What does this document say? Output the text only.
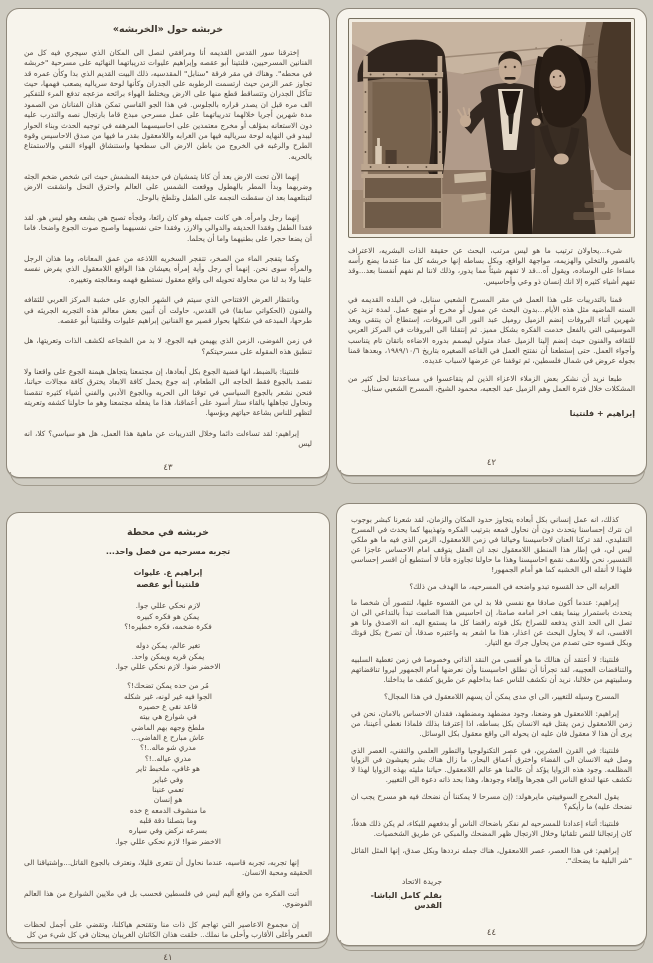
خربشه حول «الخربشه»

إخترقنا سور القدس القديمه أنا ومرافقي لنصل الى المكان الذي سيجري فيه كل من الفنانين المسرحيين، فلنتينا أبو عقصه وإبراهيم عليوات تدريباتهما النهائيه على مسرحية "خربشه في محطه". وهناك في مقر فرقة "سنابل" المقدسيه، ذلك البيت القديم الذي بدا وكأن عمره قد تجاوز عمر الزمن حيث ارتسمت الرطوبه على الجدران وكأنها لوحة سرياليه يصعب فهمها، حيث تتآكل الجدران وتتساقط قطع منها على الارض ويختلط الهواء برائحه مزعجه تدفع المرء للتفكير الف مره قبل ان يصدر قراره بالجلوس. في هذا الجو القاسي تمكن هذان الفنانان من الصمود مدة شهرين أجريا خلالهما تدريباتهما على عمل مسرحي مبدع قاما بارتجال نصه والتدرب عليه دون الاستعانه بمؤلف أو مخرج معتمدين على احاسيسهما المرهفه في توجيه الحدث وبناء الحوار ليبدو في النهايه لوحة سرياليه فيها من الغرابه واللامعقول بقدر ما فيها من صدق الاحاسيس وقوة الطرح والرغبه في الخروج من باطن الارض الى سطحها واستنشاق الهواء النقي والاستمتاع بالحريه.

إنهما الآن تحت الارض بعد أن كانا يتمشيان في حديقة المشمش حيث اتى شخص ضخم الجثه وضربهما وبدأ المطر بالهطول ووقعت الشمس على العالم واحترق النحل وانشقت الارض لتبتلعهما بعد ان سقطت النجمه على الطفل وتلطخ بالوحل.

إنهما رجل وامرأه. هي كانت جميله وهو كان رائعا، وفجأه تصبح هي بشعه وهو ليس هو. لقد فقدا الطفل وفقدا الحديقه والدوالي والارز، وفقدا حتى نفسيهما واصبح صوت الجوع واضحا. فاما أن يضعا حجرا على بطنيهما واما أن يحلما.

وكما يتفجر الماء من الصخر، تتفجر السخريه اللاذعه من عمق المعاناه، وما هذان الرجل والمرأه سوى نحن. إنهما أي رجل وأية إمرأه يعيشان هذا الواقع اللامعقول الذي يفرض نفسه علينا ولا بد لنا من محاولة تحويله الى واقع معقول نستطيع فهمه ومعالجته وتغييره.

وبانتظار العرض الافتتاحي الذي سيتم في الشهر الجاري على خشبة المركز العربي للثقافه والفنون (الحكواتي سابقا) في القدس، حاولت أن أتبين بعض معالم هذه التجربه الجريئه في طرحها، المبدعه في شكلها بحوار قصير مع الفنانين إبراهيم عليوات وفلنتينا أبو عقصه.

في زمن الفوضى، الزمن الذي يهيمن فيه الجوع، لا بد من الشجاعه لكشف الذات وتعريتها، هل تنطبق هذه المقوله على مسرحيتكم؟

فلنتينا: بالضبط، انها قضية الجوع بكل أبعادها، إن مجتمعنا يتجاهل هيمنة الجوع على واقعنا ولا نقصد بالجوع فقط الحاجه الى الطعام، إنه جوع يحمل كافة الابعاد يخترق كافة مجالات حياتنا، فنحن نشعر بالجوع السياسي في توقنا الى الحريه وبالجوع الأدبي والفني أشياء كثيره تنقصنا ونحاول تجاهلها بالقاء ستار أسود على أعماقنا، هذا ما يفعله مجتمعنا وهو ما حاولنا كشفه وتعريته لتظهر للناس بشاعة حياتهم وبؤسها.

إبراهيم: لقد تساءلت دائما وخلال التدريبات عن ماهية هذا العمل، هل هو سياسي؟ كلا، انه ليس

٤٣

شيء...يحاولان ترتيب ما هو ليس مرتب، البحث عن حقيقة الذات البشريه، الاعتراف بالقصور والتخلي والهزيمه، مواجهة الواقع، وبكل بساطه إنها خربشه كل منا عندما يضع رأسه مساءا على الوساده، ويقول آه...قد لا تفهم شيئاً مما يدور، وذلك لاننا لم نفهم أنفسنا بعد...وقد تفهم أشياء كثيره إلا انك إنسان ذو وعي وأحاسيس.

قمنا بالتدريبات على هذا العمل في مقر المسرح الشعبي سنابل، في البلده القديمه في السنه الماضيه مثل هذه الأيام...بدون البحث عن ممول أو مخرج أو منهج عمل. لمدة تزيد عن شهرين أثناء البروفات إنضم الزميل روميل عبد النور الى البروفات، إستطاع أن ينتقي ويعد الموسيقى التي بالفعل خدمت الفكره بشكل مميز. ثم إنتقلنا الى البروفات في المركز العربي للثقافه والفنون حيث إنضم إلينا الزميل عماد متولي ليصمم بدوره الاضاءه باتقان تام يتناسب وأجواء العمل. حتى إستطعنا أن نفتتح العمل في القاعه الصغيره بتاريخ ١٩٨٩/١٠/٦، وبعدها قمنا بجوله عروض في شمال فلسطين، ثم توقفنا عن عرضها لاسباب عديده.

طبعا نريد أن نشكر بعض الزملاء الاعزاء الذين لم يتقاعسوا في مساعدتنا لحل كثير من المشكلات خلال فترة العمل وهم الزميل عبد الجعبه، محمود الشيخ، المسرح الشعبي سنابل.

إبراهيم + فلنتينا

٤٢
خربشه في محطة
تجربه مسرحيه من فصل واحد...
إبراهيم ع. عليوات
فلنتينا أبو عقصه
لازم نحكي عللي جوا.
يمكن هو فكره كبيره
فكرة ضخمه، فكره خطيره!؟
تغير عالم، يمكن دوله
يمكن قريه ويمكن واحد.
الاخضر ضوا. لازم نحكي عللي جوا.
مُر من حده يمكن تضحك!؟
الجوا فيه غير لونه، غير شكله
قاعد نقي ع حصيره
في شوارع هي بيته
ملطخ وجهه بهم الماضي
عاش مبارح ع الفاضي...
مدري شو ماله..!؟
مدري عياله..!؟
هو غافي، ملخبط ثاير
وفي غباير
تعمي عنينا
هو إنسان
ما منشوف الدمعه ع خده
وما بتصلنا دقة قلبه
بسرعه نركض وفي سياره
الاخضر ضوا! لازم نحكي عللي جوا.

إنها تجربه، تجربه قاسيه، عندما نحاول أن نتعرى قليلا، ونعترف بالجوع القاتل...وإشتياقنا الى الحقيقه ومحبة الانسان.

أتت الفكره من واقع أليم ليس في فلسطين فحسب بل في ملايين الشوارع من هذا العالم الفوضوي.

إن مجموع الاعاصير التي تهاجم كل ذات منا وتقتحم هياكلنا، وتقضي على أجمل لحظات العمر وأغلى الأقارب وأحلى ما نملك.. خلقت هذان الكائنان الغريبان يبحثان في كل شيء من كل

٤١

كذلك، انه عمل إنساني بكل أبعاده يتجاوز حدود المكان والزمان، لقد شعرنا كبشر بوجوب ان نترك إحساسنا يتحدث دون أن نحاول قمعه بترتيب الفكره وتهذيبها كما يحدث في المسرح التقليدي، لقد تركنا العنان لاحاسيسنا وخيالنا في زمن اللامعقول، الزمن الذي فيه ما هو ملكي ليس لي، في إطار هذا المنطق اللامعقول نجد ان العقل يتوقف امام الاحساس عاجزا عن التفسير، نحن وللاسف نقمع احاسيسنا وهذا ما حاولنا تجاوزه فأنا لا أستطيع أن اقسر إحساسي فلهذا لا أنقله الى الخشبه كما هو أمام الجمهور!

الغرابه الى حد القسوه تبدو واضحه في المسرحيه، ما الهدف من ذلك؟

إبراهيم: عندما أكون صادقا مع نفسي فلا بد لي من القسوه عليها، لنتصور أن شخصا ما يتحدث باستمرار بينما يقف اخر امامه صامتا، إن احاسيس هذا الصامت تبدأ بالتداعي الى ان تصل الى الحد الذي يدفعه للصراخ بكل قوته رافضا كل ما يستمع اليه. انه الاصدق وانا هو الاقسى، انه لا يحاول البحث عن اعذار، هذا ما اشعر به واعتبره صدقا، أن تصرخ بكل قوتك وبكل قسوه حتى تصدم من يحاول جرك مع التيار.

فلنتينا: لا أعتقد أن هنالك ما هو أقسى من النقد الذاتي وخصوصا في زمن تغطية السلبيه والتناقضات العجيبه، لقد تجرأنا أن نطلق احاسيسنا وأن نعرضها أمام الجمهور ليروا تناقضاتهم وسلبيتهم من خلالنا، نريد أن نكشف للناس عما بداخلهم عن طريق كشف ما بداخلنا.

المسرح وسيله للتغيير، الى اي مدى يمكن أن يسهم اللامعقول في هذا المجال؟

إبراهيم: اللامعقول هو وضعنا، وجود مضطهد ومضطهد، فقدان الاحساس بالامان، نحن في زمن اللامعقول زمن يقتل فيه الانسان بكل بساطه، اذا إعترفنا بذلك فلماذا نغطي أعيننا، من يرى أن هذا لا معقول فان عليه ان يحوله الى واقع معقول بكل الوسائل.

فلنتينا: في القرن العشرين، في عصر التكنولوجيا والتطور العلمي والتقني، العصر الذي وصل فيه الانسان الى الفضاء واخترق أعماق البحار، ما زال هناك بشر يعيشون في الزوايا المظلمه. وجود هذه الزوايا يؤكد أن عالمنا هو عالم اللامعقول. حياتنا مليئه بهذه الزوايا لهذا لا نكشف عنها لندفع الناس الى هجرها وإلغاء وجودها، وهذا بحد ذاته دعوة الى التغيير.

يقول المخرج السوفييتي مايرهولد: (إن مسرحا لا يمكننا أن نضحك فيه هو مسرح يجب ان نضحك عليه) ما رأيكم؟

فلنتينا: أثناء إعدادنا للمسرحيه لم نفكر باضحاك الناس أو بدفعهم للبكاء، لم يكن ذلك هدفاً، كان إرتجالنا للنص تلقائيا وخلال الارتجال ظهر المضحك والمبكي عن طريق الشخصيات.

إبراهيم: في هذا العصر، عصر اللامعقول، هناك جمله نرددها وبكل صدق، إنها المثل القائل "شر البلية ما يضحك".

جريدة الاتحاد

بقلم كامل الباشا-القدس

٤٤
